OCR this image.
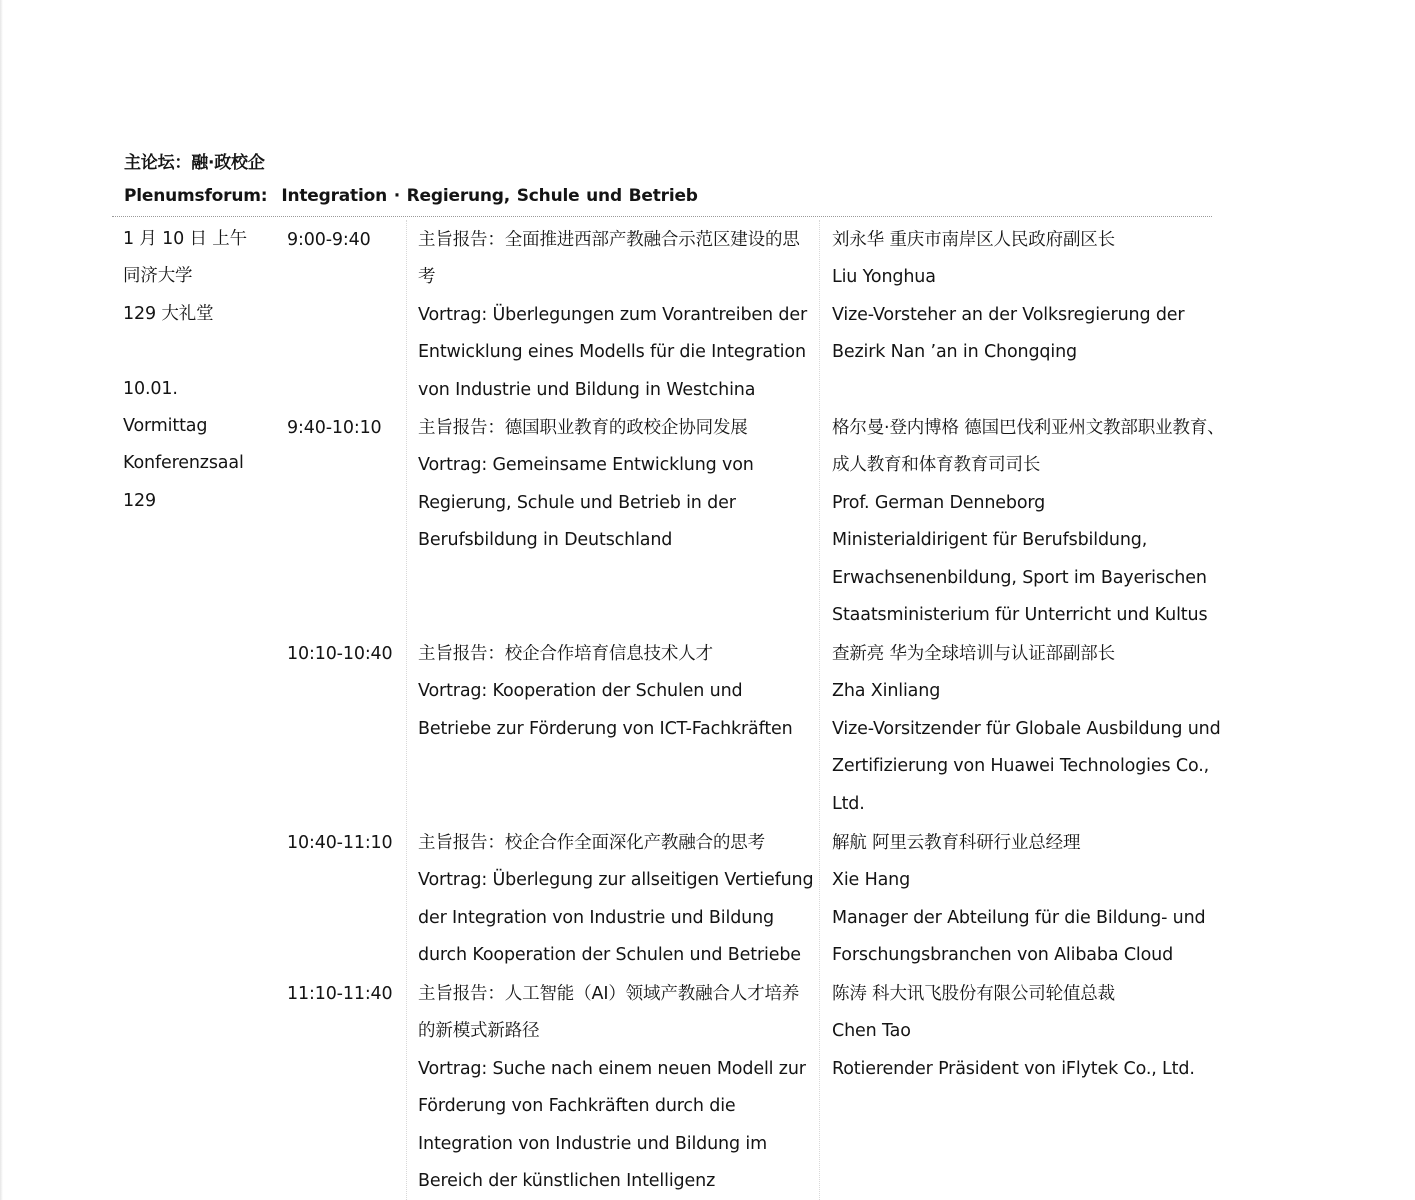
主论坛：融·政校企
Plenumsforum: Integration · Regierung, Schule und Betrieb
1 月 10 日 上午
同济大学
129 大礼堂
10.01.
Vormittag
Konferenzsaal
129
9:00-9:40	主旨报告：全面推进西部产教融合示范区建设的思
考
Vortrag: Überlegungen zum Vorantreiben der
Entwicklung eines Modells für die Integration
von Industrie und Bildung in Westchina
刘永华 重庆市南岸区人民政府副区长
Liu Yonghua
Vize-Vorsteher an der Volksregierung der
Bezirk Nan ’an in Chongqing
9:40-10:10 主旨报告：德国职业教育的政校企协同发展
Vortrag: Gemeinsame Entwicklung von
Regierung, Schule und Betrieb in der
Berufsbildung in Deutschland
格尔曼·登内博格 德国巴伐利亚州文教部职业教育、
成人教育和体育教育司司长
Prof. German Denneborg
Ministerialdirigent für Berufsbildung,
Erwachsenenbildung, Sport im Bayerischen
Staatsministerium für Unterricht und Kultus
10:10-10:40 主旨报告：校企合作培育信息技术人才
Vortrag: Kooperation der Schulen und
Betriebe zur Förderung von ICT-Fachkräften
查新亮 华为全球培训与认证部副部长
Zha Xinliang
Vize-Vorsitzender für Globale Ausbildung und
Zertifizierung von Huawei Technologies Co.,
Ltd.
10:40-11:10 主旨报告：校企合作全面深化产教融合的思考
Vortrag: Überlegung zur allseitigen Vertiefung
der Integration von Industrie und Bildung
durch Kooperation der Schulen und Betriebe
解航 阿里云教育科研行业总经理
Xie Hang
Manager der Abteilung für die Bildung- und
Forschungsbranchen von Alibaba Cloud
11:10-11:40 主旨报告：人工智能（AI）领域产教融合人才培养
的新模式新路径
Vortrag: Suche nach einem neuen Modell zur
Förderung von Fachkräften durch die
Integration von Industrie und Bildung im
Bereich der künstlichen Intelligenz
陈涛 科大讯飞股份有限公司轮值总裁
Chen Tao
Rotierender Präsident von iFlytek Co., Ltd.
